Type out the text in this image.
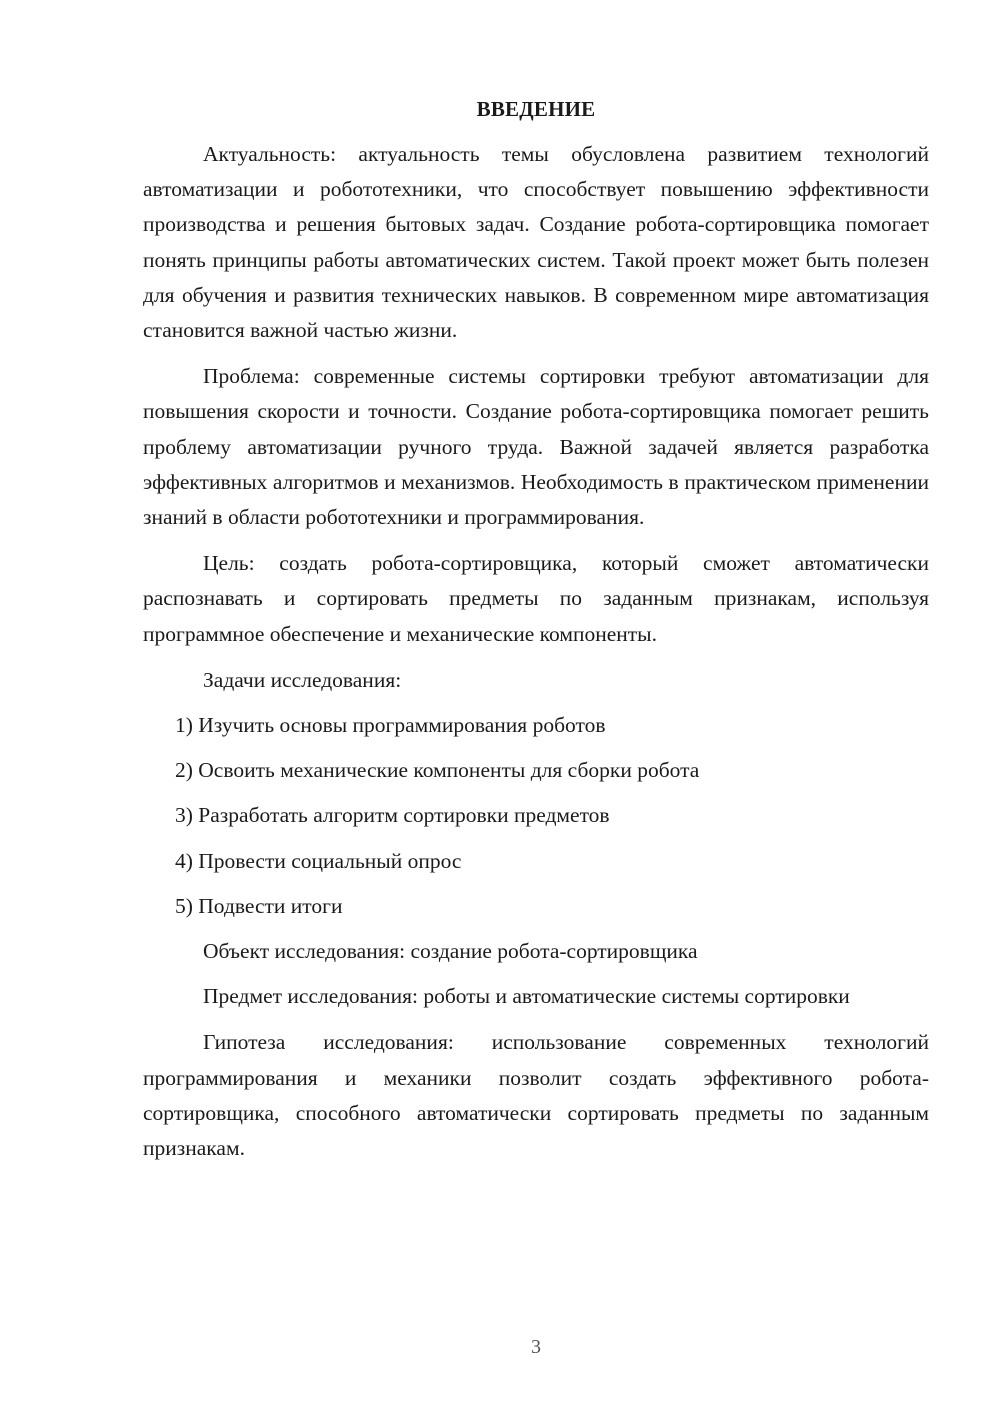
ВВЕДЕНИЕ

Актуальность: актуальность темы обусловлена развитием технологий автоматизации и робототехники, что способствует повышению эффективности производства и решения бытовых задач. Создание робота-сортировщика помогает понять принципы работы автоматических систем. Такой проект может быть полезен для обучения и развития технических навыков. В современном мире автоматизация становится важной частью жизни.

Проблема: современные системы сортировки требуют автоматизации для повышения скорости и точности. Создание робота-сортировщика помогает решить проблему автоматизации ручного труда. Важной задачей является разработка эффективных алгоритмов и механизмов. Необходимость в практическом применении знаний в области робототехники и программирования.

Цель: создать робота-сортировщика, который сможет автоматически распознавать и сортировать предметы по заданным признакам, используя программное обеспечение и механические компоненты.

Задачи исследования:

1) Изучить основы программирования роботов
2) Освоить механические компоненты для сборки робота
3) Разработать алгоритм сортировки предметов
4) Провести социальный опрос
5) Подвести итоги

Объект исследования: создание робота-сортировщика

Предмет исследования: роботы и автоматические системы сортировки

Гипотеза исследования: использование современных технологий программирования и механики позволит создать эффективного робота-сортировщика, способного автоматически сортировать предметы по заданным признакам.

3
